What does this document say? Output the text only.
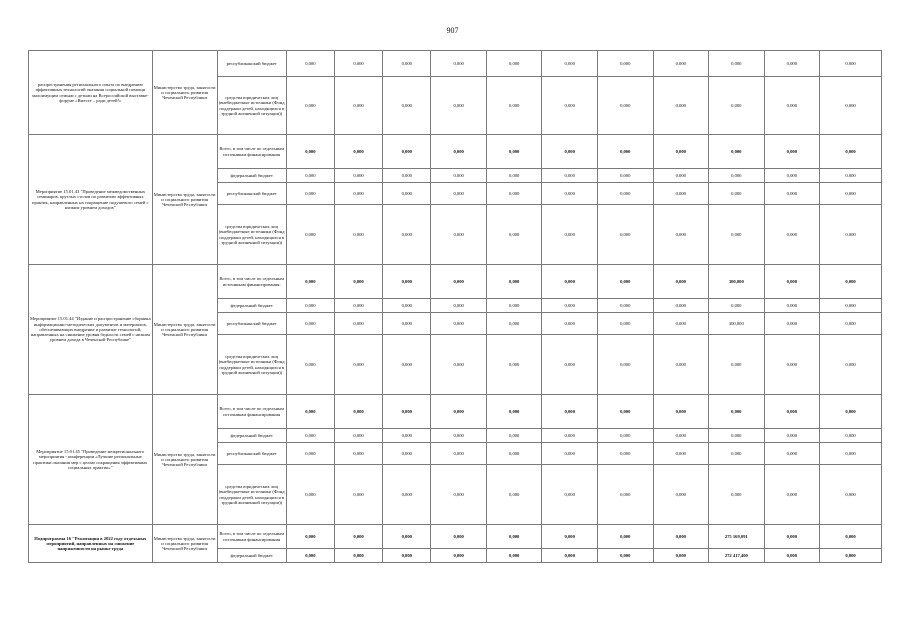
907
распространения регионального опыта по внедрению эффективных технологий оказания социальной помощи малоимущим семьям с детьми на Всероссийской выставке-форуме «Вместе – ради детей!»	Министерство труда, занятости и социального развития Чеченской Республики	республиканский бюджет	0,000	0,000	0,000	0,000	0,000	0,000	0,000	0,000	0,000	0,000	0,000
		средства юридических лиц (внебюджетные источники (Фонд поддержки детей, находящихся в трудной жизненной ситуации))	0,000	0,000	0,000	0,000	0,000	0,000	0,000	0,000	0,000	0,000	0,000
Мероприятие 15.01.43 "Проведение межведомственных семинаров, круглых столов по развитию эффективных практик, направленных на сокращение подушевого семей с низким уровнем доходов"	Министерство труда, занятости и социального развития Чеченской Республики	Всего, в том числе по отдельным источникам финансирования	0,000	0,000	0,000	0,000	0,000	0,000	0,000	0,000	0,000	0,000	0,000
		федеральный бюджет	0,000	0,000	0,000	0,000	0,000	0,000	0,000	0,000	0,000	0,000	0,000
		республиканский бюджет	0,000	0,000	0,000	0,000	0,000	0,000	0,000	0,000	0,000	0,000	0,000
		средства юридических лиц (внебюджетные источники (Фонд поддержки детей, находящихся в трудной жизненной ситуации))	0,000	0,000	0,000	0,000	0,000	0,000	0,000	0,000	0,000	0,000	0,000
Мероприятие 15.01.44 "Издание и распространение сборника информационно-методических документов и материалов, обеспечивающих внедрение и развитие технологий, направленных на снижение уровня бедности семей с низким уровнем дохода в Чеченской Республике"	Министерство труда, занятости и социального развития Чеченской Республики	Всего, в том числе по отдельным источникам финансирования:	0,000	0,000	0,000	0,000	0,000	0,000	0,000	0,000	300,000	0,000	0,000
		федеральный бюджет	0,000	0,000	0,000	0,000	0,000	0,000	0,000	0,000	0,000	0,000	0,000
		республиканский бюджет	0,000	0,000	0,000	0,000	0,000	0,000	0,000	0,000	300,000	0,000	0,000
		средства юридических лиц (внебюджетные источники (Фонд поддержки детей, находящихся в трудной жизненной ситуации))	0,000	0,000	0,000	0,000	0,000	0,000	0,000	0,000	0,000	0,000	0,000
Мероприятие 15.01.45 "Проведение межрегионального мероприятия - конференции «Лучшие региональные практики оказания мер с целью сокращения эффективных социальных практик»"	Министерство труда, занятости и социального развития Чеченской Республики	Всего, в том числе по отдельным источникам финансирования	0,000	0,000	0,000	0,000	0,000	0,000	0,000	0,000	0,000	0,000	0,000
		федеральный бюджет	0,000	0,000	0,000	0,000	0,000	0,000	0,000	0,000	0,000	0,000	0,000
		республиканский бюджет	0,000	0,000	0,000	0,000	0,000	0,000	0,000	0,000	0,000	0,000	0,000
		средства юридических лиц (внебюджетные источники (Фонд поддержки детей, находящихся в трудной жизненной ситуации))	0,000	0,000	0,000	0,000	0,000	0,000	0,000	0,000	0,000	0,000	0,000
Подпрограмма 16 "Реализация в 2022 году отдельных мероприятий, направленных на снижение напряженности на рынке труда	Министерство труда, занятости и социального развития Чеченской Республики	Всего, в том числе по отдельным источникам финансирования	0,000	0,000	0,000	0,000	0,000	0,000	0,000	0,000	275 169,091	0,000	0,000
		федеральный бюджет	0,000	0,000	0,000	0,000	0,000	0,000	0,000	0,000	272 417,400	0,000	0,000
